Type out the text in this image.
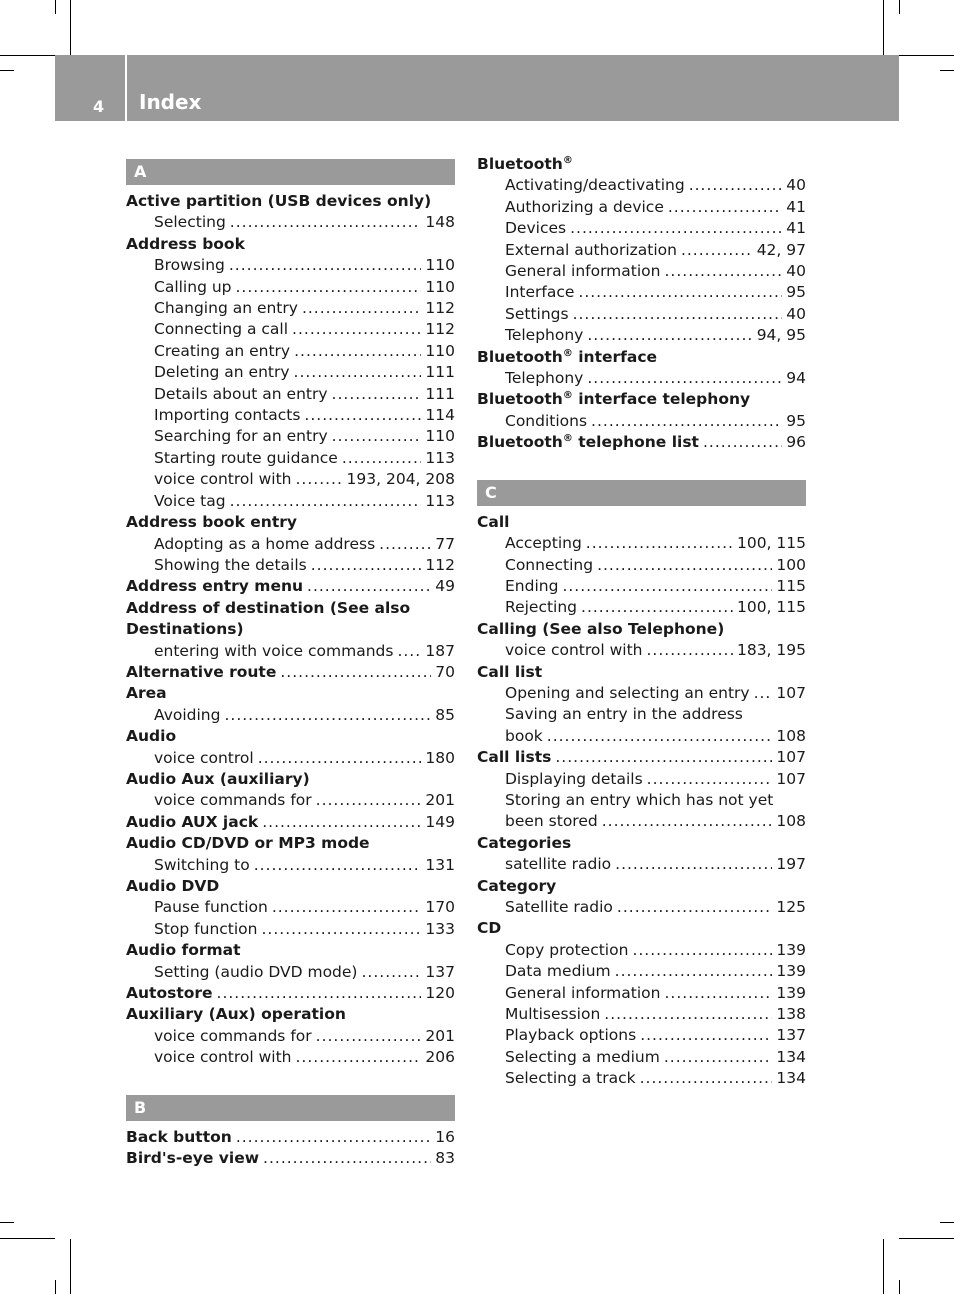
4 Index
A
Active partition (USB devices only)
Selecting .....	148
Address book
Browsing .....	110
Calling up .....	110
Changing an entry .....	112
Connecting a call .....	112
Creating an entry .....	110
Deleting an entry .....	111
Details about an entry .....	111
Importing contacts .....	114
Searching for an entry .....	110
Starting route guidance .....	113
voice control with .....	193, 204, 208
Voice tag .....	113
Address book entry
Adopting as a home address .....	77
Showing the details .....	112
Address entry menu .....	49
Address of destination (See also
Destinations)
entering with voice commands ..... 187
Alternative route .....	70
Area
Avoiding .....	85
Audio
voice control .....	180
Audio Aux (auxiliary)
voice commands for .....	201
Audio AUX jack .....	149
Audio CD/DVD or MP3 mode
Switching to .....	131
Audio DVD
Pause function .....	170
Stop function .....	133
Audio format
Setting (audio DVD mode) .....	137
Autostore .....	120
Auxiliary (Aux) operation
voice commands for .....	201
voice control with .....	206
B
Back button .....	16
Bird's-eye view .....	83
Bluetooth®
Activating/deactivating .....	40
Authorizing a device .....	41
Devices .....	41
External authorization .....	42, 97
General information .....	40
Interface .....	95
Settings .....	40
Telephony .....	94, 95
Bluetooth® interface
Telephony .....	94
Bluetooth® interface telephony
Conditions .....	95
Bluetooth® telephone list .....	96
C
Call
Accepting .....	100, 115
Connecting .....	100
Ending .....	115
Rejecting .....	100, 115
Calling (See also Telephone)
voice control with .....	183, 195
Call list
Opening and selecting an entry ..... 107
Saving an entry in the address
book .....	108
Call lists .....	107
Displaying details .....	107
Storing an entry which has not yet
been stored .....	108
Categories
satellite radio .....	197
Category
Satellite radio .....	125
CD
Copy protection .....	139
Data medium .....	139
General information .....	139
Multisession .....	138
Playback options .....	137
Selecting a medium .....	134
Selecting a track .....	134
